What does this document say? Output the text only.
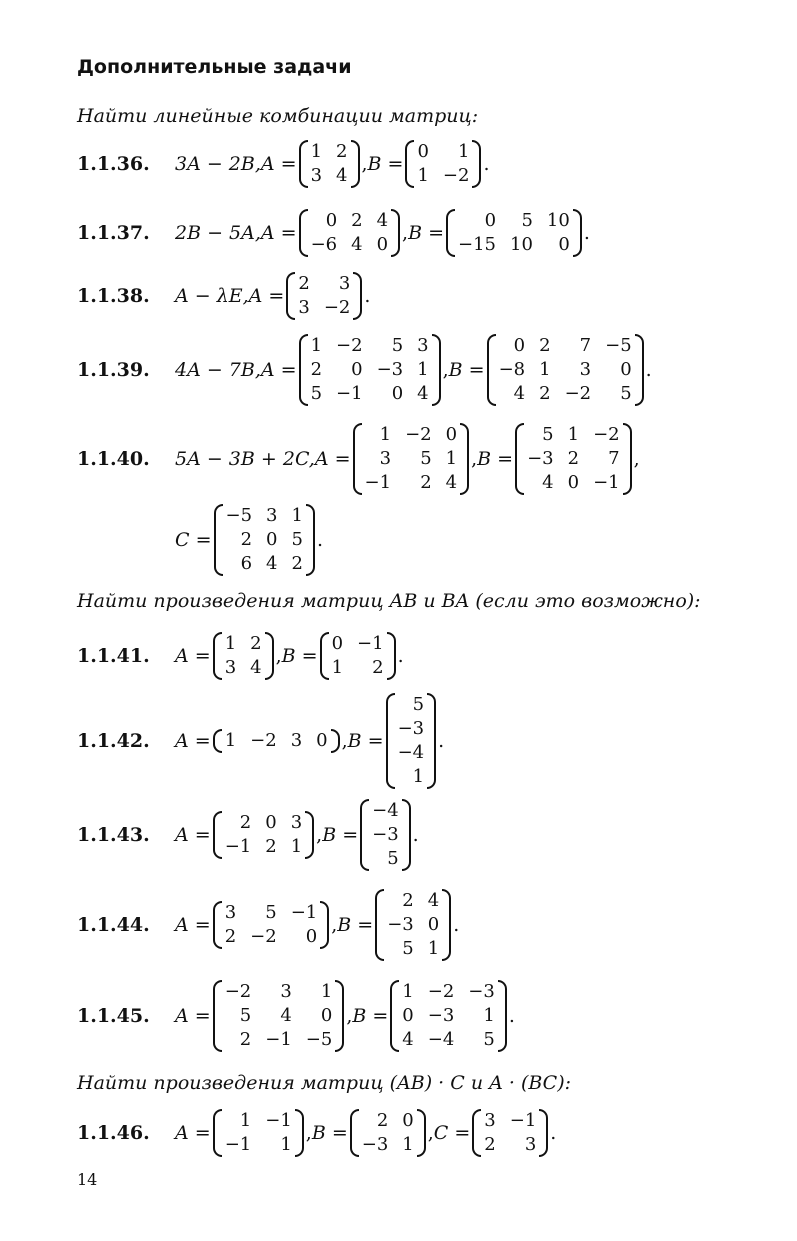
Дополнительные задачи
Найти линейные комбинации матриц:
1.1.36.	3A − 2B, A =
1 2
3 4
, B =
0	1
1 −2
.
1.1.37.	2B − 5A, A =
0 2 4
−6 4 0
, B =
0	5 10
−15 10	0
.
1.1.38.	A − λE, A =
2	3
3 −2
.
1.1.39.	4A − 7B, A =
1 −2	5 3
2	0 −3 1
5 −1	0 4
, B =
0 2	7 −5
−8 1	3	0
4 2 −2	5
.
1.1.40.	5A − 3B + 2C, A =
1 −2 0
3	5 1
−1	2 4
, B =
5 1 −2
−3 2	7
4 0 −1
,
C =
−5 3 1
2 0 5
6 4 2
.
Найти произведения матриц AB и BA (если это возможно):
1.1.41.	A =
1 2
3 4
, B =
0 −1
1	2
.
1.1.42.	A = 1 −2 3 0 , B =
5
−3
−4
1
.
1.1.43.	A =
2 0 3
−1 2 1
, B =
−4
−3
5
.
1.1.44.	A =
3	5 −1
2 −2	0
, B =
2 4
−3 0
5 1
.
1.1.45.	A =
−2	3	1
5	4	0
2 −1 −5
, B =
1 −2 −3
0 −3	1
4 −4	5
.
Найти произведения матриц (AB) · C и A · (BC):
1.1.46.	A =
1 −1
−1	1
, B =
2 0
−3 1
, C =
3 −1
2	3
.
14
